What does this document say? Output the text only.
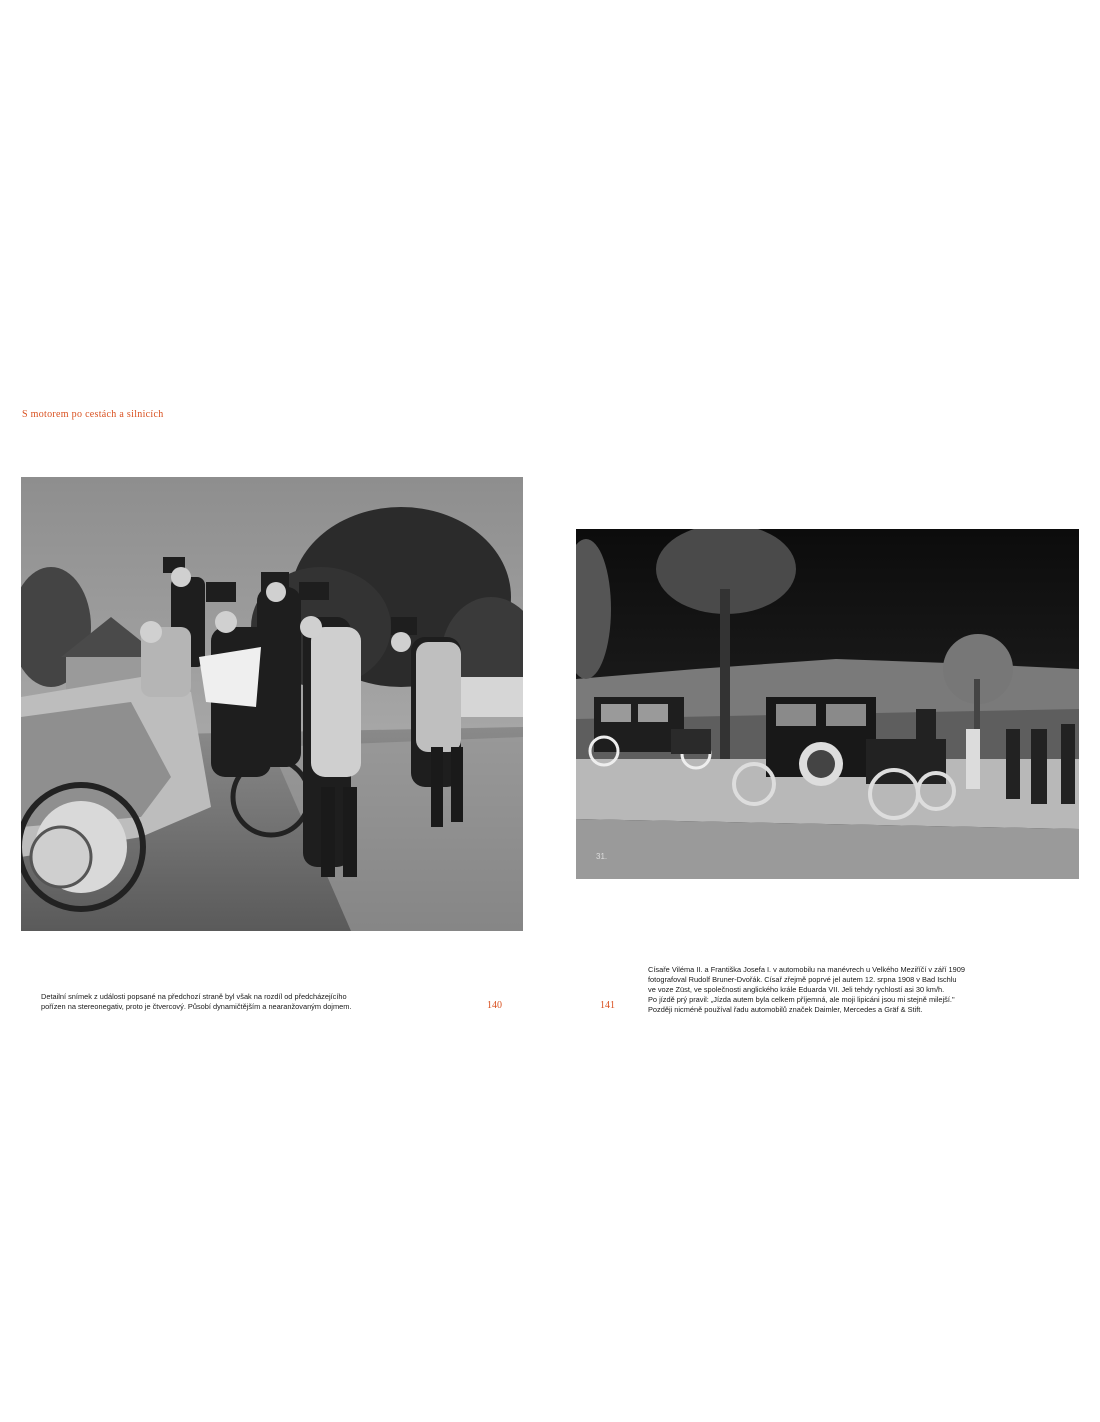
S motorem po cestách a silnicích
31.
Detailní snímek z události popsané na předchozí straně byl však na rozdíl od předcházejícího
pořízen na stereonegativ, proto je čtvercový. Působí dynamičtějším a nearanžovaným dojmem.	140	141
Císaře Viléma II. a Františka Josefa I. v automobilu na manévrech u Velkého Meziříčí v září 1909
fotografoval Rudolf Bruner-Dvořák. Císař zřejmě poprvé jel autem 12. srpna 1908 v Bad Ischlu
ve voze Züst, ve společnosti anglického krále Eduarda VII. Jeli tehdy rychlostí asi 30 km/h.
Po jízdě prý pravil: „Jízda autem byla celkem příjemná, ale moji lipicáni jsou mi stejně milejší."
Později nicméně používal řadu automobilů značek Daimler, Mercedes a Gräf & Stift.
